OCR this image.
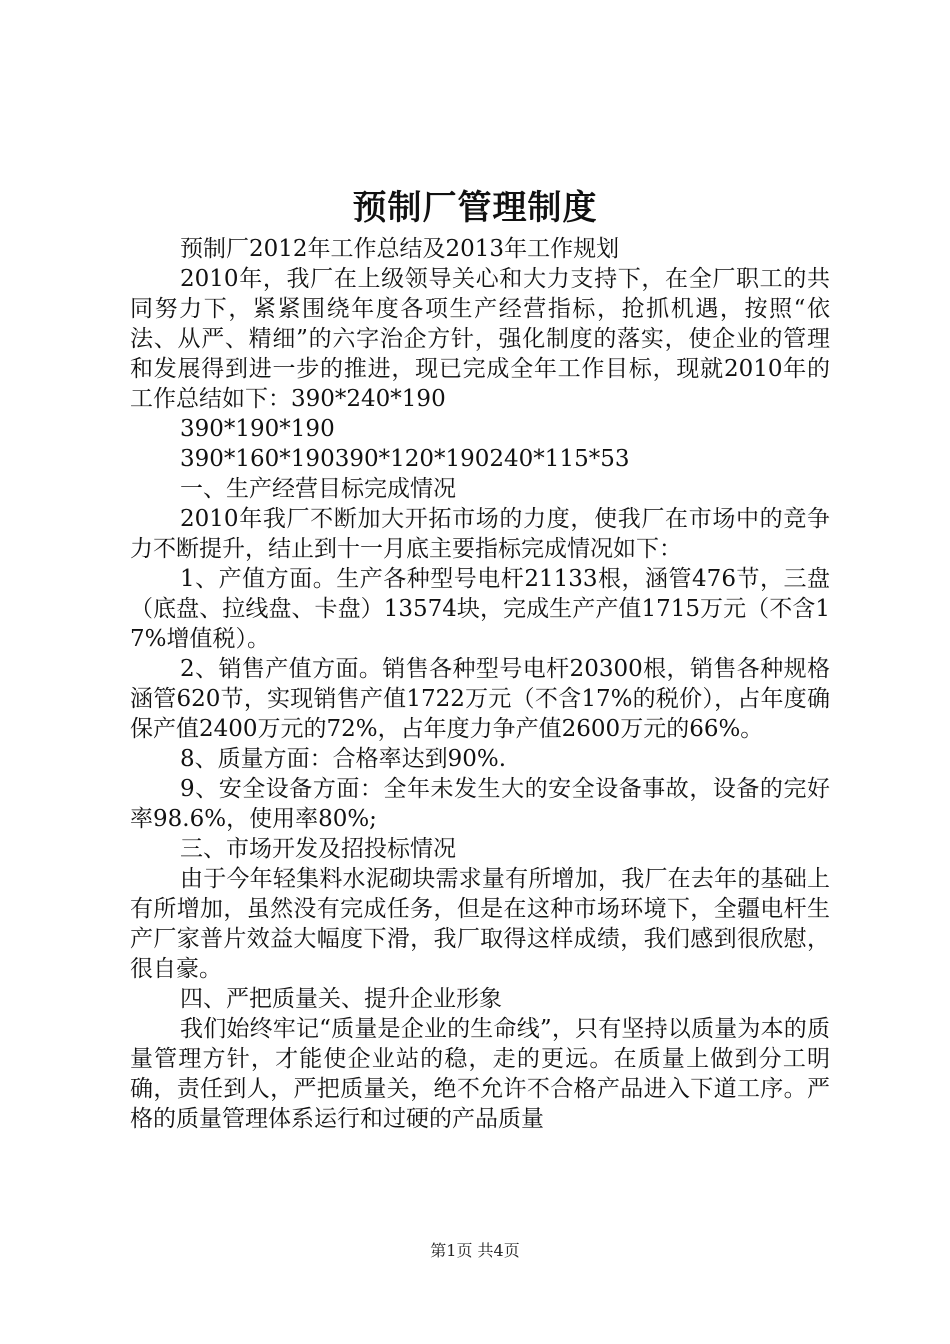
预制厂管理制度

预制厂2012年工作总结及2013年工作规划

2010年，我厂在上级领导关心和大力支持下，在全厂职工的共同努力下，紧紧围绕年度各项生产经营指标，抢抓机遇，按照“依法、从严、精细”的六字治企方针，强化制度的落实，使企业的管理和发展得到进一步的推进，现已完成全年工作目标，现就2010年的工作总结如下：390*240*190

390*190*190

390*160*190390*120*190240*115*53

一、生产经营目标完成情况

2010年我厂不断加大开拓市场的力度，使我厂在市场中的竞争力不断提升，结止到十一月底主要指标完成情况如下：

1、产值方面。生产各种型号电杆21133根，涵管476节，三盘（底盘、拉线盘、卡盘）13574块，完成生产产值1715万元（不含17%增值税）。

2、销售产值方面。销售各种型号电杆20300根，销售各种规格涵管620节，实现销售产值1722万元（不含17%的税价），占年度确保产值2400万元的72%，占年度力争产值2600万元的66%。

8、质量方面：合格率达到90%.

9、安全设备方面：全年未发生大的安全设备事故，设备的完好率98.6%，使用率80%;

三、市场开发及招投标情况

由于今年轻集料水泥砌块需求量有所增加，我厂在去年的基础上有所增加，虽然没有完成任务，但是在这种市场环境下，全疆电杆生产厂家普片效益大幅度下滑，我厂取得这样成绩，我们感到很欣慰，很自豪。

四、严把质量关、提升企业形象

我们始终牢记“质量是企业的生命线”，只有坚持以质量为本的质量管理方针，才能使企业站的稳，走的更远。在质量上做到分工明确，责任到人，严把质量关，绝不允许不合格产品进入下道工序。严格的质量管理体系运行和过硬的产品质量

第1页 共4页
